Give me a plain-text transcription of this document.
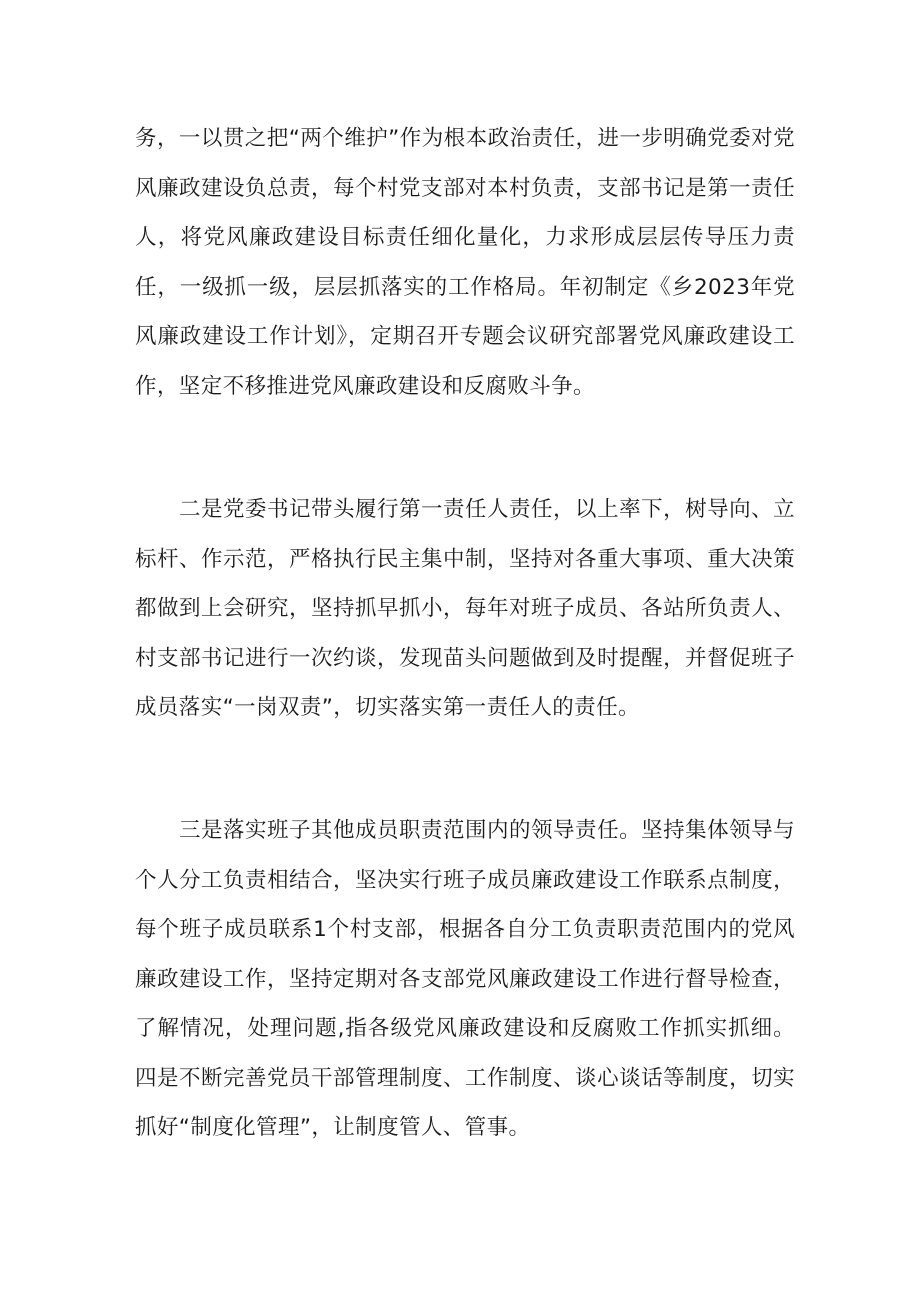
务，一以贯之把“两个维护”作为根本政治责任，进一步明确党委对党风廉政建设负总责，每个村党支部对本村负责，支部书记是第一责任人，将党风廉政建设目标责任细化量化，力求形成层层传导压力责任，一级抓一级，层层抓落实的工作格局。年初制定《乡2023年党风廉政建设工作计划》，定期召开专题会议研究部署党风廉政建设工作，坚定不移推进党风廉政建设和反腐败斗争。

　　二是党委书记带头履行第一责任人责任，以上率下，树导向、立标杆、作示范，严格执行民主集中制，坚持对各重大事项、重大决策都做到上会研究，坚持抓早抓小，每年对班子成员、各站所负责人、村支部书记进行一次约谈，发现苗头问题做到及时提醒，并督促班子成员落实“一岗双责”，切实落实第一责任人的责任。

　　三是落实班子其他成员职责范围内的领导责任。坚持集体领导与个人分工负责相结合，坚决实行班子成员廉政建设工作联系点制度，每个班子成员联系1个村支部，根据各自分工负责职责范围内的党风廉政建设工作，坚持定期对各支部党风廉政建设工作进行督导检查，了解情况，处理问题,指各级党风廉政建设和反腐败工作抓实抓细。四是不断完善党员干部管理制度、工作制度、谈心谈话等制度，切实抓好“制度化管理”，让制度管人、管事。
